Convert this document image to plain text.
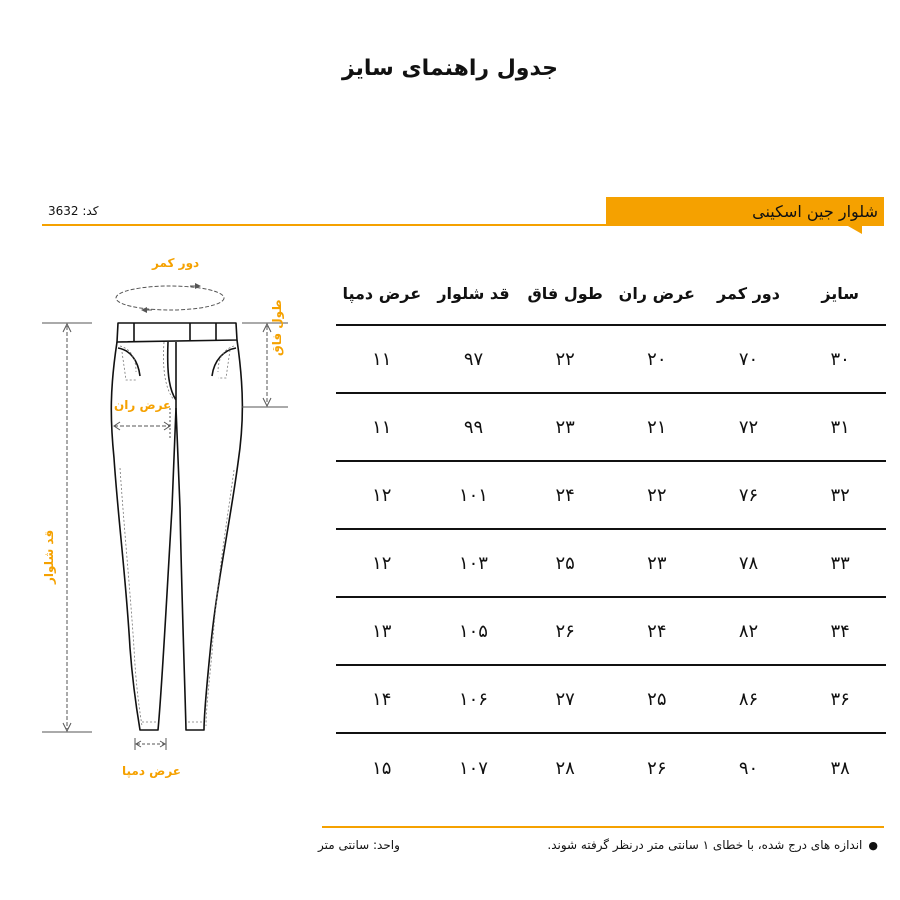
جدول راهنمای سایز
کد: 3632	شلوار جین اسکینی
دور کمر
طول فاق
عرض ران
قد شلوار
عرض دمپا
سایز
دور کمر
عرض ران
طول فاق
قد شلوار
عرض دمپا
۳۰
۷۰
۲۰
۲۲
۹۷
۱۱
۳۱
۷۲
۲۱
۲۳
۹۹
۱۱
۳۲
۷۶
۲۲
۲۴
۱۰۱
۱۲
۳۳
۷۸
۲۳
۲۵
۱۰۳
۱۲
۳۴
۸۲
۲۴
۲۶
۱۰۵
۱۳
۳۶
۸۶
۲۵
۲۷
۱۰۶
۱۴
۳۸
۹۰
۲۶
۲۸
۱۰۷
۱۵
●اندازه های درج شده، با خطای ۱ سانتی متر درنظر گرفته شوند.
واحد: سانتی متر
